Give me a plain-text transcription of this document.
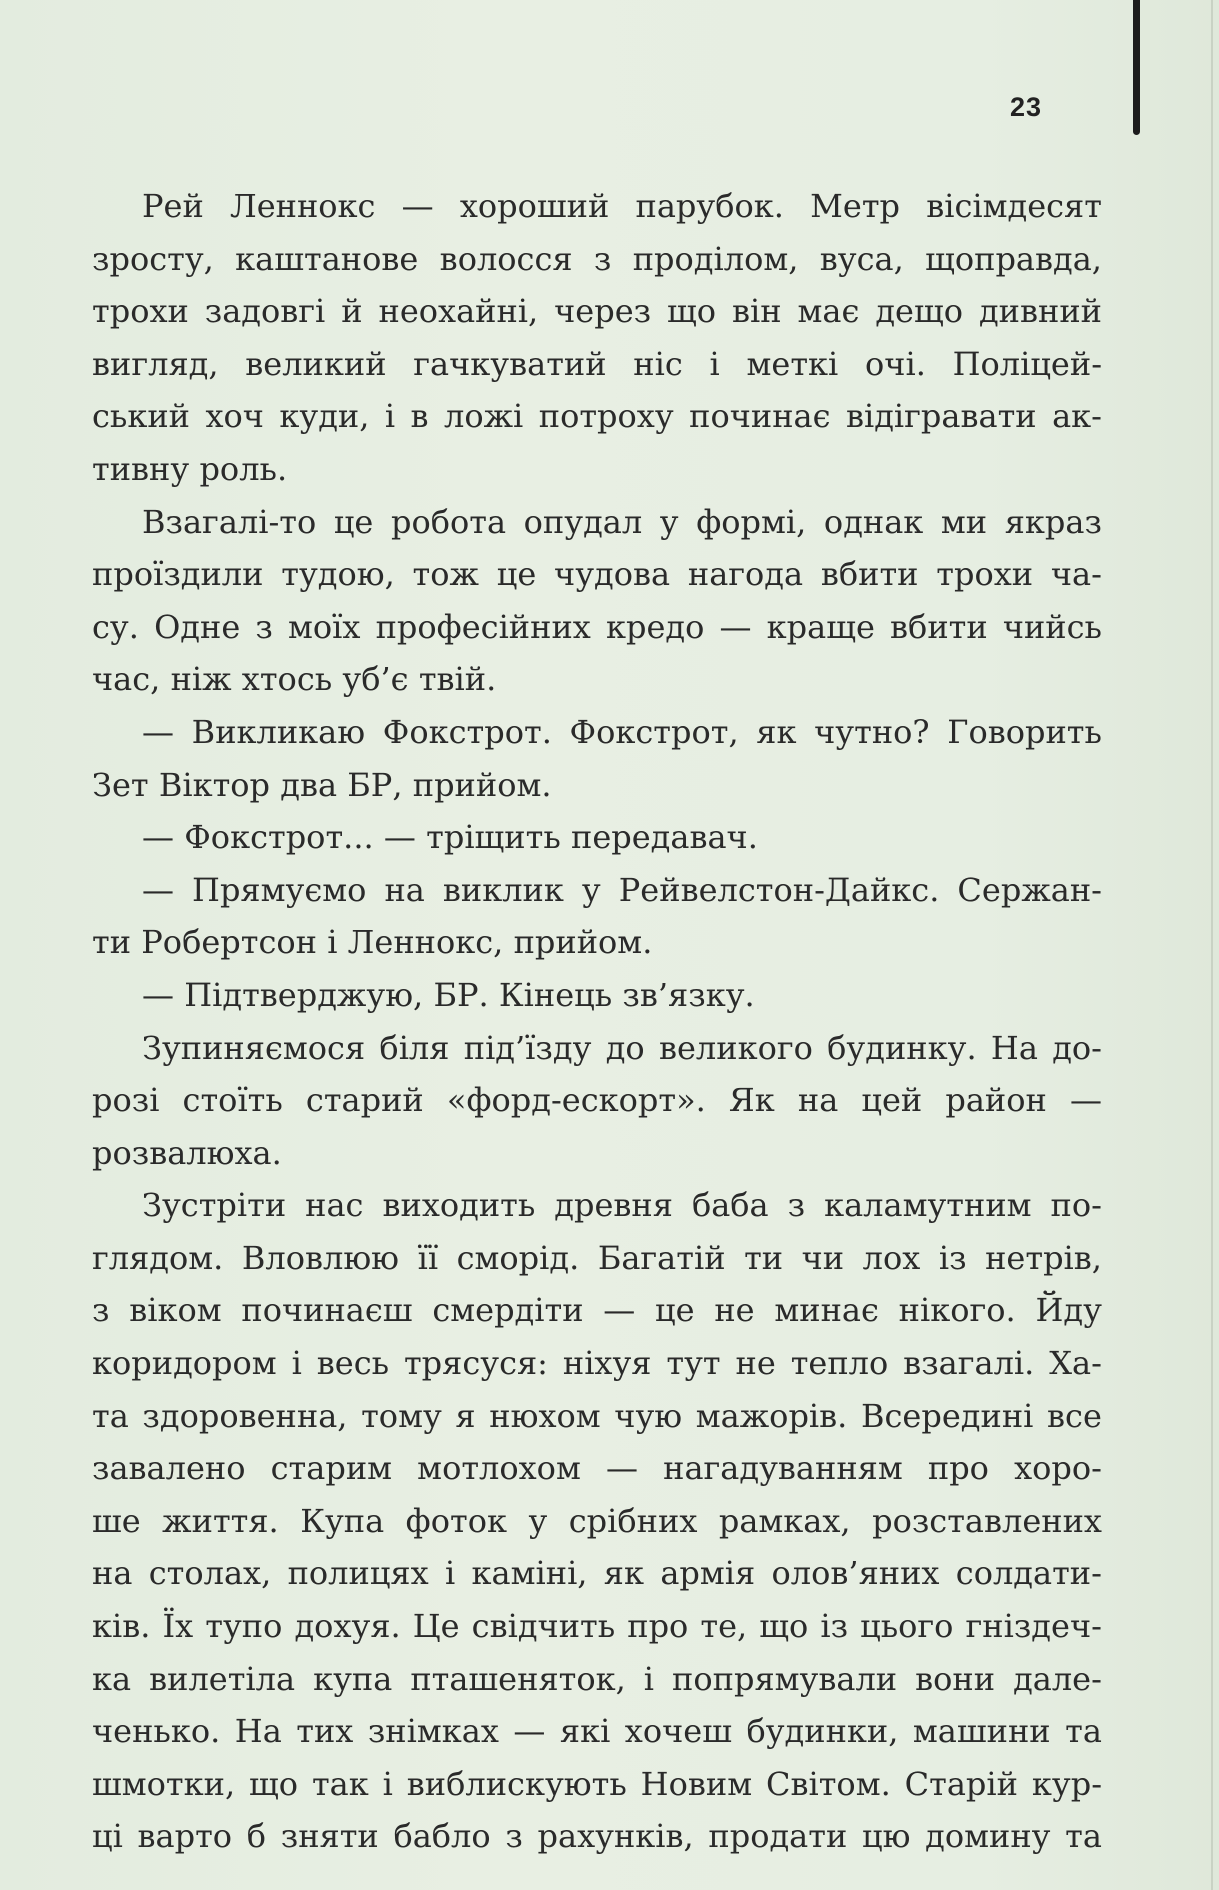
23
Рей Леннокс — хороший парубок. Метр вісімдесят
зросту, каштанове волосся з проділом, вуса, щоправда,
трохи задовгі й неохайні, через що він має дещо дивний
вигляд, великий гачкуватий ніс і меткі очі. Поліцей-
ський хоч куди, і в ложі потроху починає відігравати ак-
тивну роль.
Взагалі-то це робота опудал у формі, однак ми якраз
проїздили тудою, тож це чудова нагода вбити трохи ча-
су. Одне з моїх професійних кредо — краще вбити чийсь
час, ніж хтось уб’є твій.
— Викликаю Фокстрот. Фокстрот, як чутно? Говорить
Зет Віктор два БР, прийом.
— Фокстрот... — тріщить передавач.
— Прямуємо на виклик у Рейвелстон-Дайкс. Сержан-
ти Робертсон і Леннокс, прийом.
— Підтверджую, БР. Кінець зв’язку.
Зупиняємося біля під’їзду до великого будинку. На до-
розі стоїть старий «форд-ескорт». Як на цей район —
розвалюха.
Зустріти нас виходить древня баба з каламутним по-
глядом. Вловлюю її сморід. Багатій ти чи лох із нетрів,
з віком починаєш смердіти — це не минає нікого. Йду
коридором і весь трясуся: ніхуя тут не тепло взагалі. Ха-
та здоровенна, тому я нюхом чую мажорів. Всередині все
завалено старим мотлохом — нагадуванням про хоро-
ше життя. Купа фоток у срібних рамках, розставлених
на столах, полицях і каміні, як армія олов’яних солдати-
ків. Їх тупо дохуя. Це свідчить про те, що із цього гніздеч-
ка вилетіла купа пташеняток, і попрямували вони дале-
ченько. На тих знімках — які хочеш будинки, машини та
шмотки, що так і виблискують Новим Світом. Старій кур-
ці варто б зняти бабло з рахунків, продати цю домину та
